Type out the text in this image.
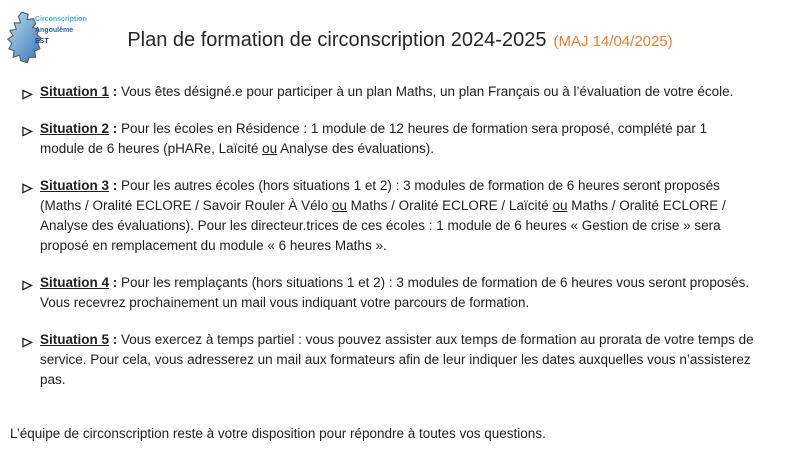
Circonscription
Angoulême
EST	Plan de formation de circonscription 2024-2025 (MAJ 14/04/2025)
Situation 1 : Vous êtes désigné.e pour participer à un plan Maths, un plan Français ou à l’évaluation de votre école.
Situation 2 : Pour les écoles en Résidence : 1 module de 12 heures de formation sera proposé, complété par 1 module de 6 heures (pHARe, Laïcité ou Analyse des évaluations).
Situation 3 : Pour les autres écoles (hors situations 1 et 2) : 3 modules de formation de 6 heures seront proposés (Maths / Oralité ECLORE / Savoir Rouler À Vélo ou Maths / Oralité ECLORE / Laïcité ou Maths / Oralité ECLORE / Analyse des évaluations). Pour les directeur.trices de ces écoles : 1 module de 6 heures « Gestion de crise » sera proposé en remplacement du module « 6 heures Maths ».
Situation 4 : Pour les remplaçants (hors situations 1 et 2) : 3 modules de formation de 6 heures vous seront proposés. Vous recevrez prochainement un mail vous indiquant votre parcours de formation.
Situation 5 : Vous exercez à temps partiel : vous pouvez assister aux temps de formation au prorata de votre temps de service. Pour cela, vous adresserez un mail aux formateurs afin de leur indiquer les dates auxquelles vous n’assisterez pas.

L’équipe de circonscription reste à votre disposition pour répondre à toutes vos questions.
